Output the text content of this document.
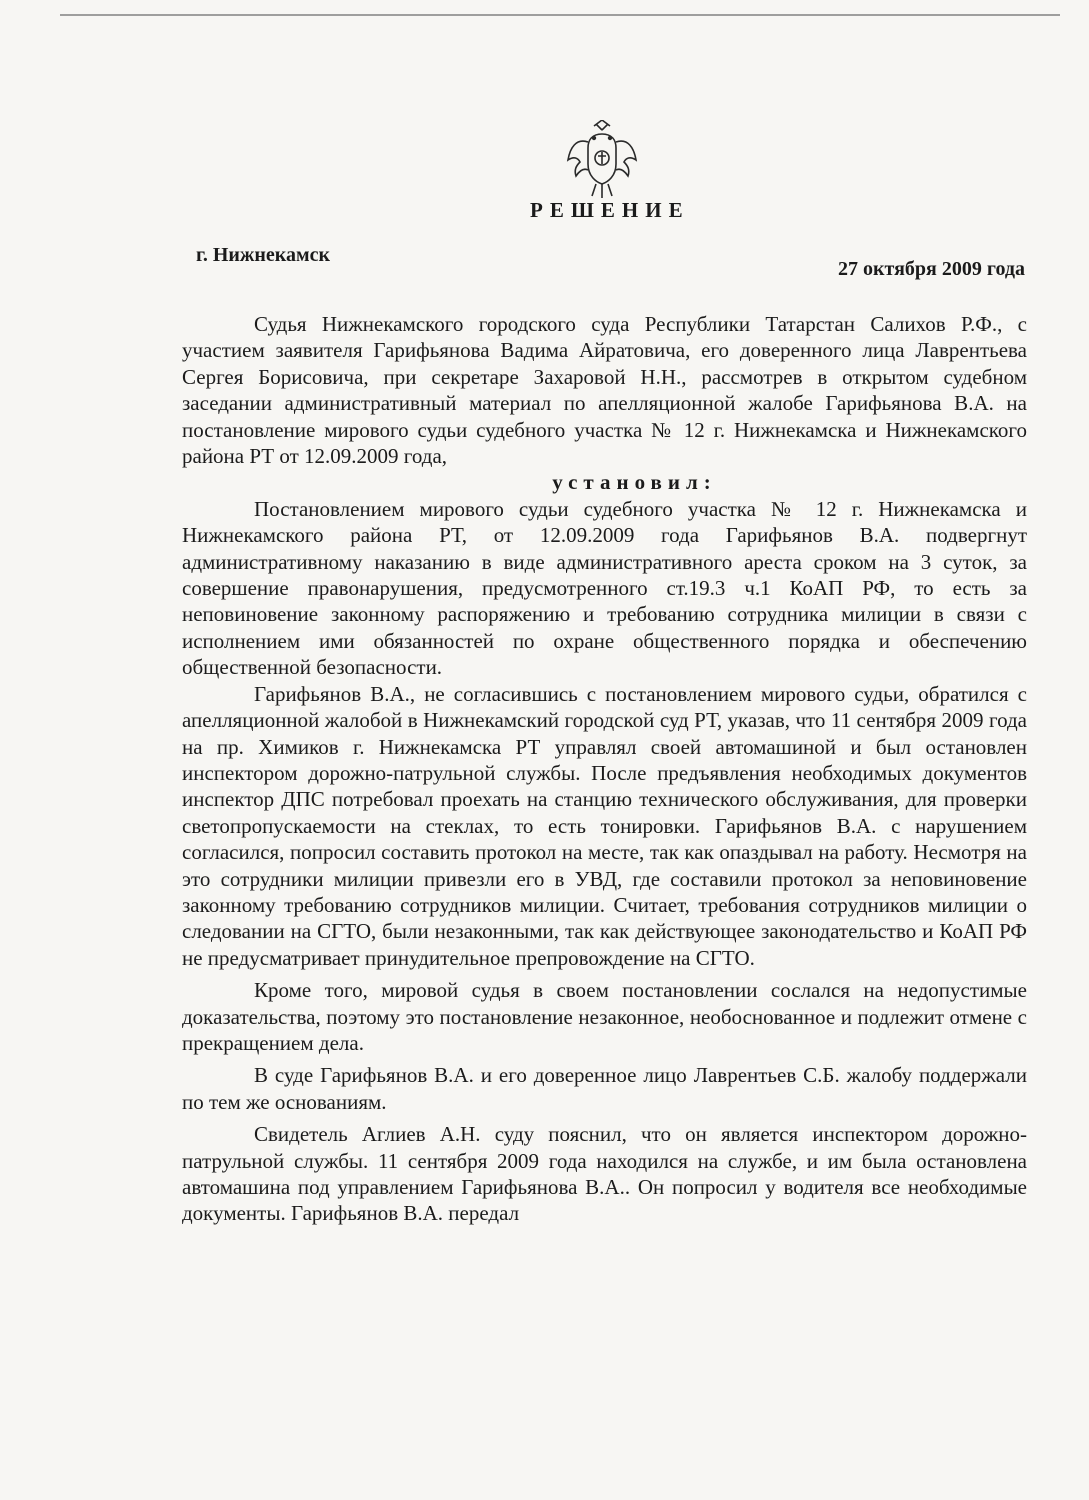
РЕШЕНИЕ
г. Нижнекамск
27 октября 2009 года

Судья Нижнекамского городского суда Республики Татарстан Салихов Р.Ф., с участием заявителя Гарифьянова Вадима Айратовича, его доверенного лица Лаврентьева Сергея Борисовича, при секретаре Захаровой Н.Н., рассмотрев в открытом судебном заседании административный материал по апелляционной жалобе Гарифьянова В.А. на постановление мирового судьи судебного участка № 12 г. Нижнекамска и Нижнекамского района РТ от 12.09.2009 года,

установил:

Постановлением мирового судьи судебного участка № 12 г. Нижнекамска и Нижнекамского района РТ, от 12.09.2009 года Гарифьянов В.А. подвергнут административному наказанию в виде административного ареста сроком на 3 суток, за совершение правонарушения, предусмотренного ст.19.3 ч.1 КоАП РФ, то есть за неповиновение законному распоряжению и требованию сотрудника милиции в связи с исполнением ими обязанностей по охране общественного порядка и обеспечению общественной безопасности.

Гарифьянов В.А., не согласившись с постановлением мирового судьи, обратился с апелляционной жалобой в Нижнекамский городской суд РТ, указав, что 11 сентября 2009 года на пр. Химиков г. Нижнекамска РТ управлял своей автомашиной и был остановлен инспектором дорожно-патрульной службы. После предъявления необходимых документов инспектор ДПС потребовал проехать на станцию технического обслуживания, для проверки светопропускаемости на стеклах, то есть тонировки. Гарифьянов В.А. с нарушением согласился, попросил составить протокол на месте, так как опаздывал на работу. Несмотря на это сотрудники милиции привезли его в УВД, где составили протокол за неповиновение законному требованию сотрудников милиции. Считает, требования сотрудников милиции о следовании на СГТО, были незаконными, так как действующее законодательство и КоАП РФ не предусматривает принудительное препровождение на СГТО.

Кроме того, мировой судья в своем постановлении сослался на недопустимые доказательства, поэтому это постановление незаконное, необоснованное и подлежит отмене с прекращением дела.

В суде Гарифьянов В.А. и его доверенное лицо Лаврентьев С.Б. жалобу поддержали по тем же основаниям.

Свидетель Аглиев А.Н. суду пояснил, что он является инспектором дорожно-патрульной службы. 11 сентября 2009 года находился на службе, и им была остановлена автомашина под управлением Гарифьянова В.А.. Он попросил у водителя все необходимые документы. Гарифьянов В.А. передал
